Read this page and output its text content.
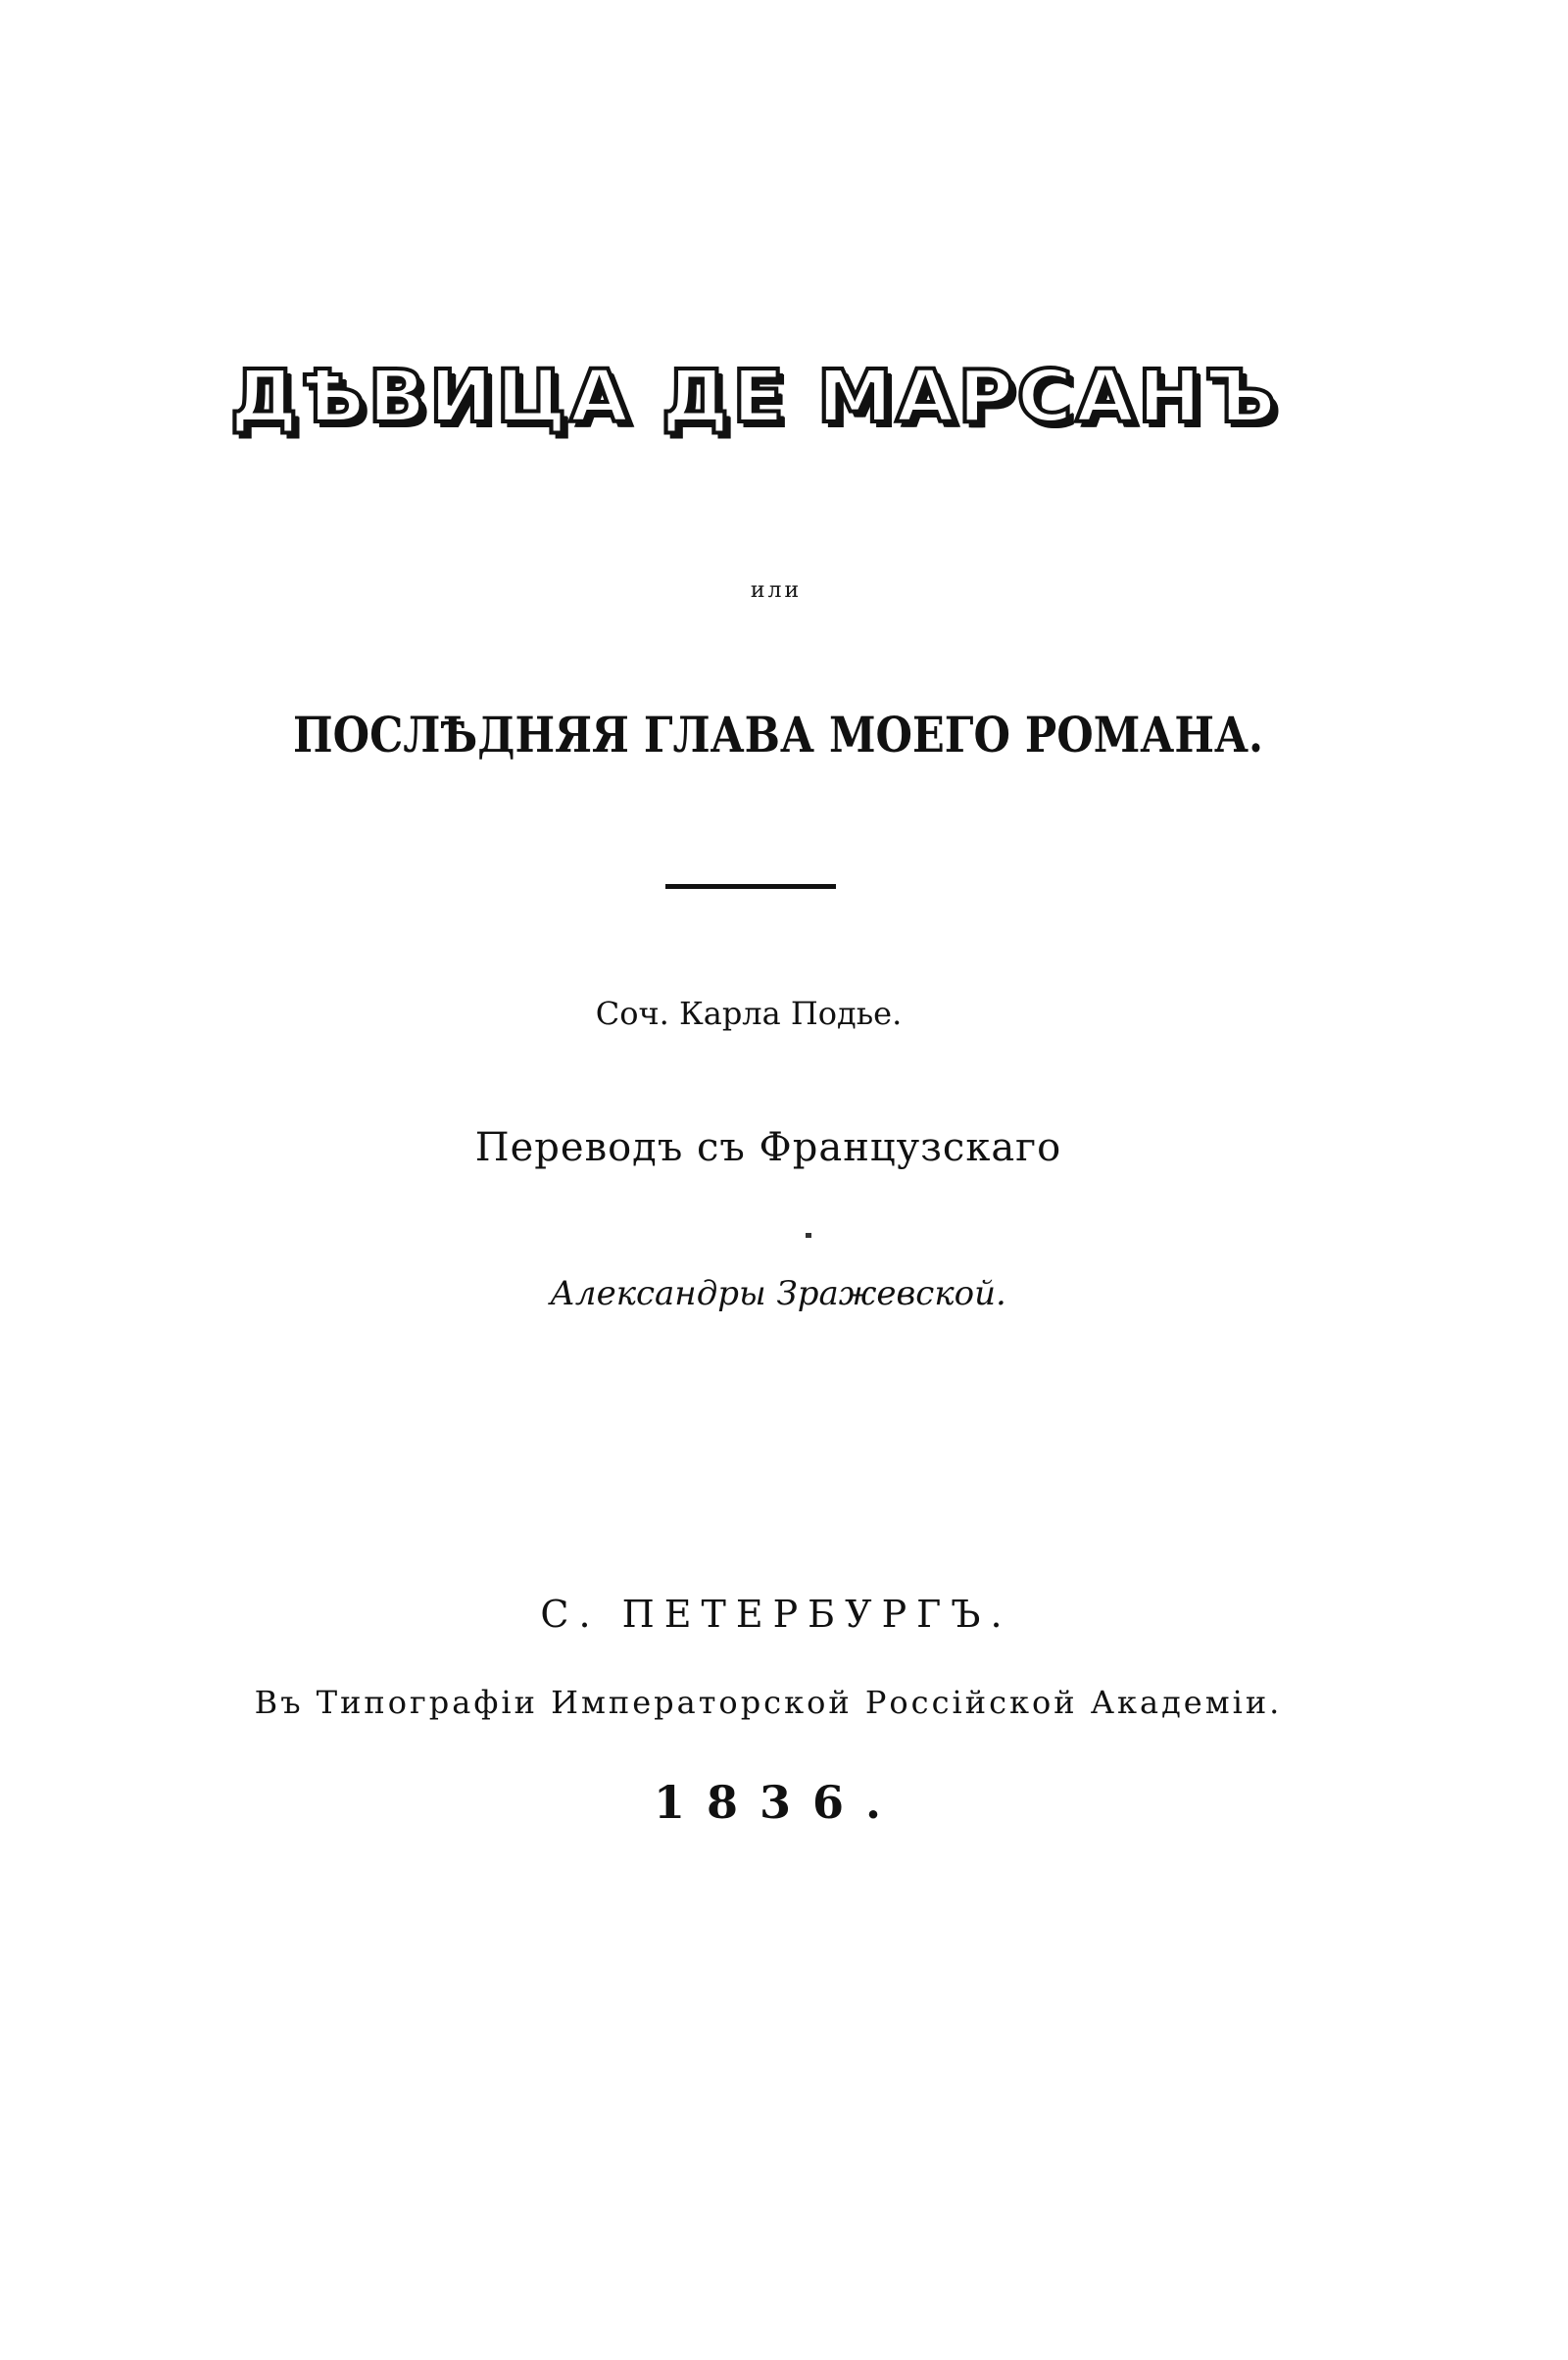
ДѢВИЦА ДЕ МАРСАНЪ
или
ПОСЛѢДНЯЯ ГЛАВА МОЕГО РОМАНА.
Соч. Карла Подье.
Переводъ съ Французскаго
Александры Зражевской.
С. ПЕТЕРБУРГЪ.
Въ Типографіи Императорской Россійской Академіи.
1836.
